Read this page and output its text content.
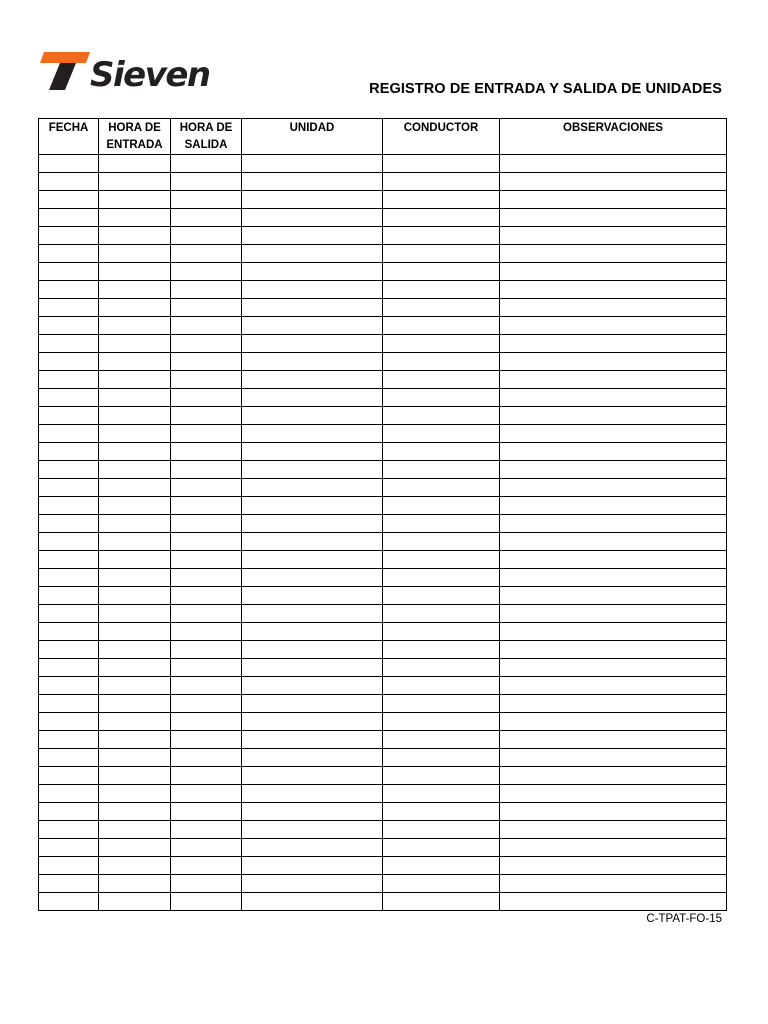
Sieven	REGISTRO DE ENTRADA Y SALIDA DE UNIDADES
FECHA	HORA DE ENTRADA	HORA DE SALIDA	UNIDAD	CONDUCTOR	OBSERVACIONES

C-TPAT-FO-15
